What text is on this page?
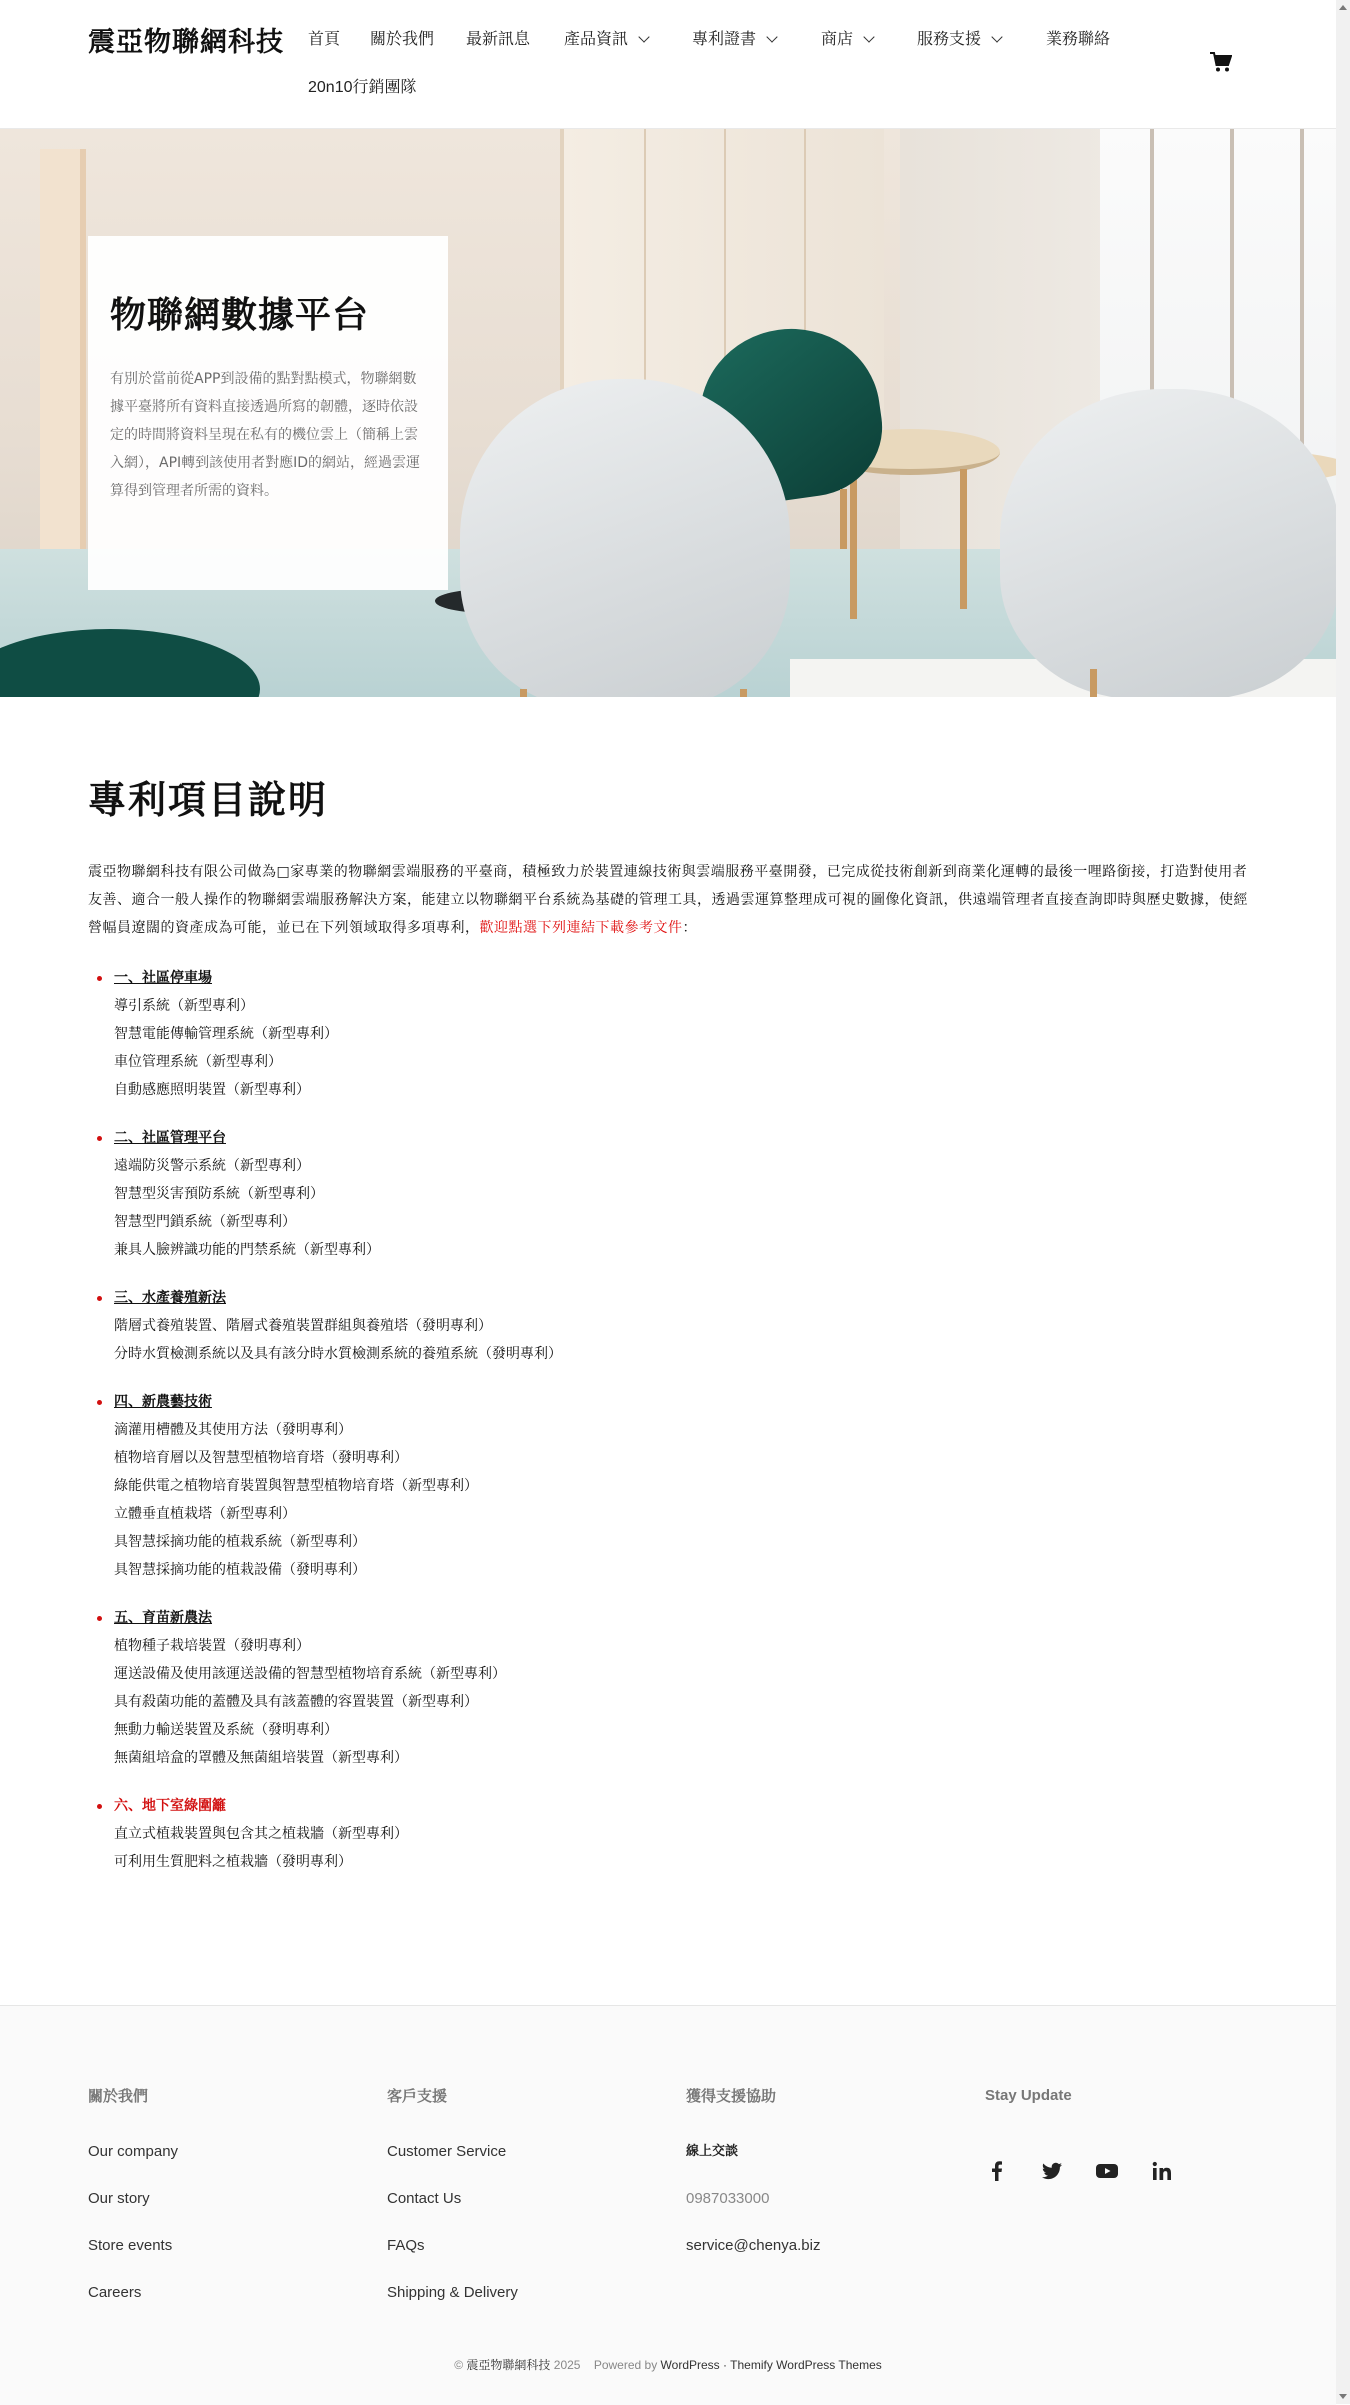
震亞物聯網科技 首頁 關於我們 最新訊息 產品資訊	專利證書	商店	服務支援	業務聯絡
20n10行銷團隊
物聯網數據平台

有別於當前從APP到設備的點對點模式，物聯網數據平臺將所有資料直接透過所寫的韌體，逐時依設定的時間將資料呈現在私有的機位雲上（簡稱上雲入網），API轉到該使用者對應ID的網站，經過雲運算得到管理者所需的資料。

專利項目說明

震亞物聯網科技有限公司做為□家專業的物聯網雲端服務的平臺商，積極致力於裝置連線技術與雲端服務平臺開發，已完成從技術創新到商業化運轉的最後一哩路銜接，打造對使用者友善、適合一般人操作的物聯網雲端服務解決方案，能建立以物聯網平台系統為基礎的管理工具，透過雲運算整理成可視的圖像化資訊，供遠端管理者直接查詢即時與歷史數據，使經營幅員遼闊的資產成為可能，並已在下列領域取得多項專利，歡迎點選下列連結下載參考文件：

一、社區停車場
導引系統（新型專利）
智慧電能傳輸管理系統（新型專利）
車位管理系統（新型專利）
自動感應照明裝置（新型專利）
二、社區管理平台
遠端防災警示系統（新型專利）
智慧型災害預防系統（新型專利）
智慧型門鎖系統（新型專利）
兼具人臉辨識功能的門禁系統（新型專利）
三、水產養殖新法
階層式養殖裝置、階層式養殖裝置群組與養殖塔（發明專利）
分時水質檢測系統以及具有該分時水質檢測系統的養殖系統（發明專利）
四、新農藝技術
滴灌用槽體及其使用方法（發明專利）
植物培育層以及智慧型植物培育塔（發明專利）
綠能供電之植物培育裝置與智慧型植物培育塔（新型專利）
立體垂直植栽塔（新型專利）
具智慧採摘功能的植栽系統（新型專利）
具智慧採摘功能的植栽設備（發明專利）
五、育苗新農法
植物種子栽培裝置（發明專利）
運送設備及使用該運送設備的智慧型植物培育系統（新型專利）
具有殺菌功能的蓋體及具有該蓋體的容置裝置（新型專利）
無動力輸送裝置及系統（發明專利）
無菌組培盒的罩體及無菌組培裝置（新型專利）
六、地下室綠圍籬
直立式植栽裝置與包含其之植栽牆（新型專利）
可利用生質肥料之植栽牆（發明專利）
關於我們
Our company
Our story
Store events
Careers
客戶支援
Customer Service
Contact Us
FAQs
Shipping & Delivery
獲得支援協助
線上交談
0987033000
service@chenya.biz
Stay Update
© 震亞物聯網科技 2025 Powered by WordPress · Themify WordPress Themes
